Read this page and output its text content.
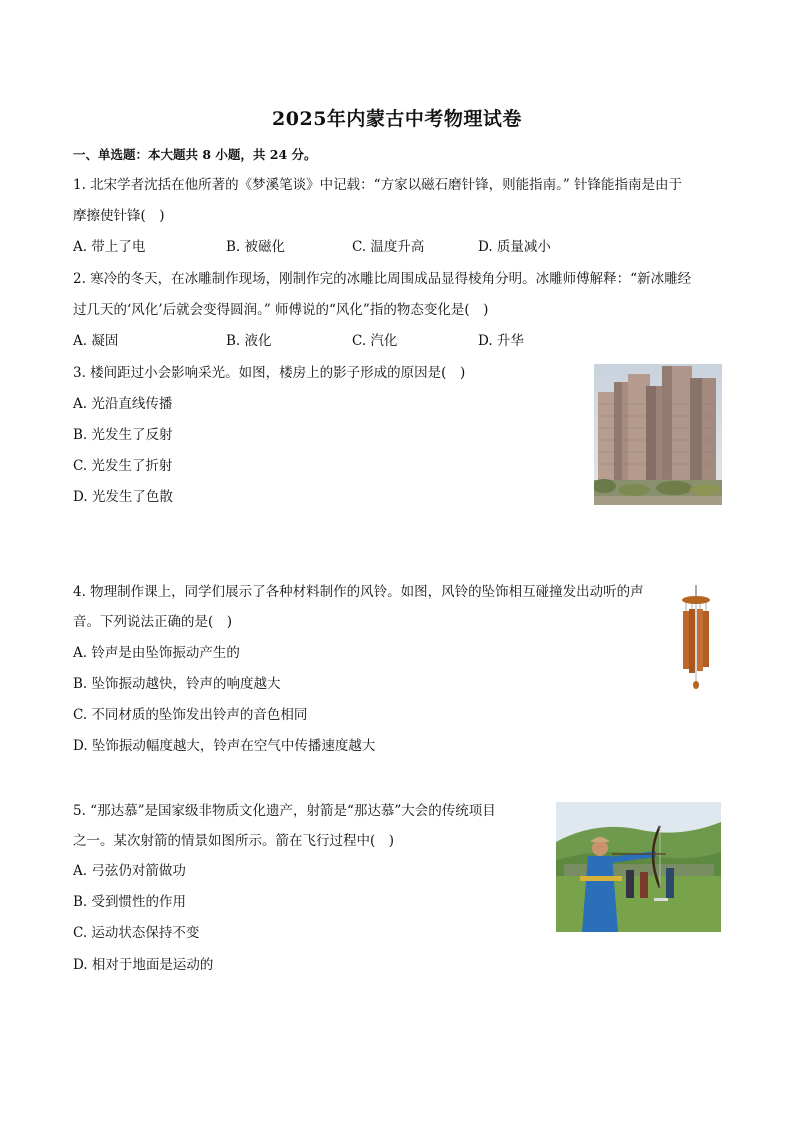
2025年内蒙古中考物理试卷
一、单选题：本大题共 8 小题，共 24 分。
1. 北宋学者沈括在他所著的《梦溪笔谈》中记载：“方家以磁石磨针锋，则能指南。” 针锋能指南是由于
摩擦使针锋(　)
A. 带上了电	B. 被磁化	C. 温度升高	D. 质量减小
2. 寒冷的冬天，在冰雕制作现场，刚制作完的冰雕比周围成品显得棱角分明。冰雕师傅解释：“新冰雕经
过几天的‘风化’后就会变得圆润。” 师傅说的“风化”指的物态变化是(　)
A. 凝固	B. 液化	C. 汽化	D. 升华
3. 楼间距过小会影响采光。如图，楼房上的影子形成的原因是(　)
A. 光沿直线传播
B. 光发生了反射
C. 光发生了折射
D. 光发生了色散
4. 物理制作课上，同学们展示了各种材料制作的风铃。如图，风铃的坠饰相互碰撞发出动听的声
音。下列说法正确的是(　)
A. 铃声是由坠饰振动产生的
B. 坠饰振动越快，铃声的响度越大
C. 不同材质的坠饰发出铃声的音色相同
D. 坠饰振动幅度越大，铃声在空气中传播速度越大
5. “那达慕”是国家级非物质文化遗产，射箭是“那达慕”大会的传统项目
之一。某次射箭的情景如图所示。箭在飞行过程中(　)
A. 弓弦仍对箭做功
B. 受到惯性的作用
C. 运动状态保持不变
D. 相对于地面是运动的
